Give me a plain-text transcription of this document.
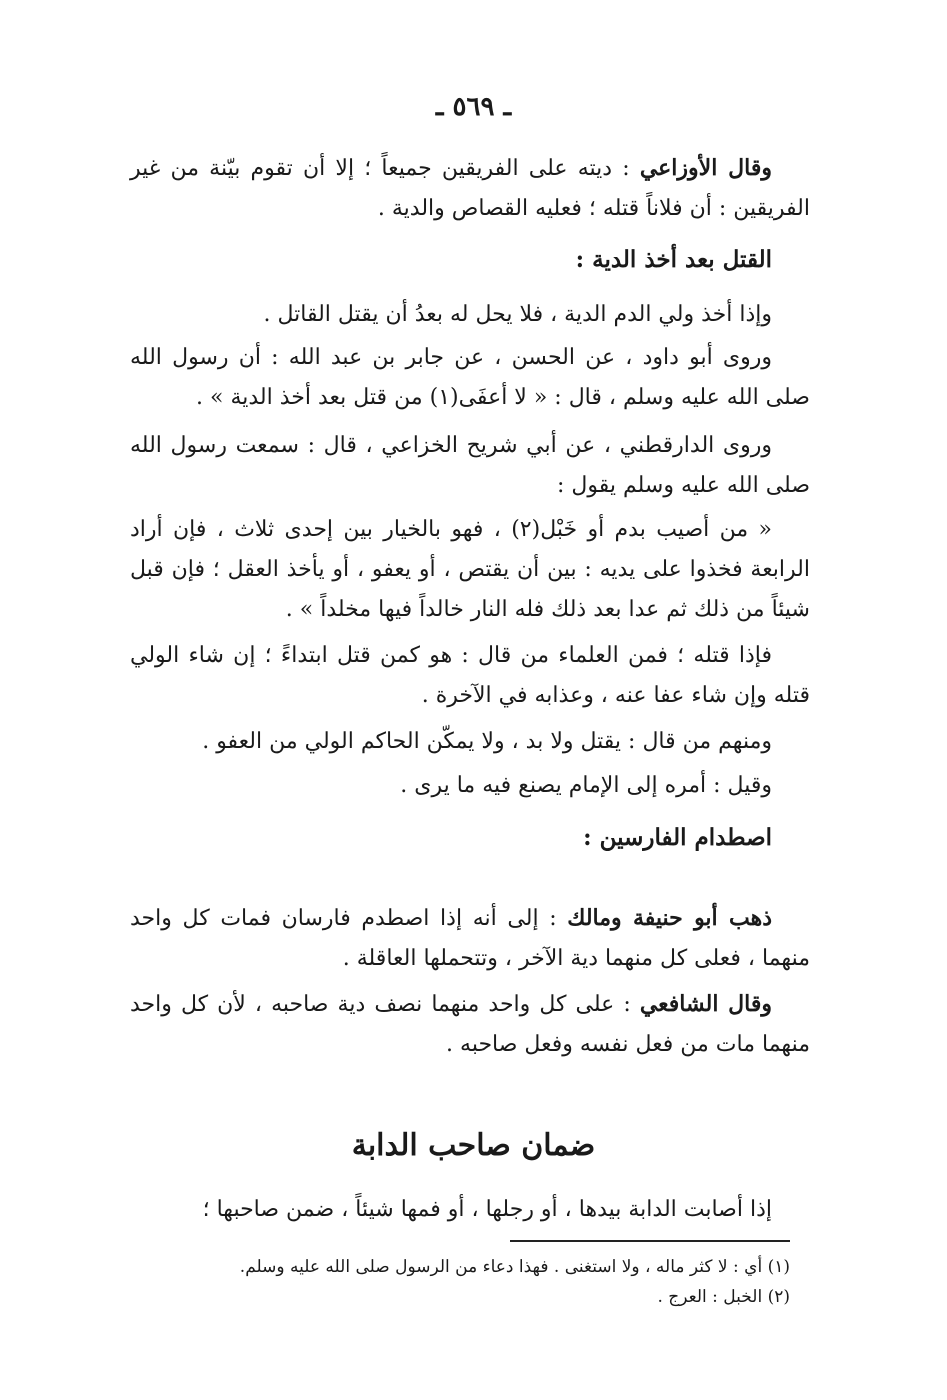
ـ ٥٦٩ ـ

وقال الأوزاعي : ديته على الفريقين جميعاً ؛ إلا أن تقوم بيّنة من غير الفريقين : أن فلاناً قتله ؛ فعليه القصاص والدية .

القتل بعد أخذ الدية :

وإذا أخذ ولي الدم الدية ، فلا يحل له بعدُ أن يقتل القاتل .

وروى أبو داود ، عن الحسن ، عن جابر بن عبد الله : أن رسول الله صلى الله عليه وسلم ، قال : « لا أعفَى(١) من قتل بعد أخذ الدية » .

وروى الدارقطني ، عن أبي شريح الخزاعي ، قال : سمعت رسول الله صلى الله عليه وسلم يقول :

« من أصيب بدم أو خَبْل(٢) ، فهو بالخيار بين إحدى ثلاث ، فإن أراد الرابعة فخذوا على يديه : بين أن يقتص ، أو يعفو ، أو يأخذ العقل ؛ فإن قبل شيئاً من ذلك ثم عدا بعد ذلك فله النار خالداً فيها مخلداً » .

فإذا قتله ؛ فمن العلماء من قال : هو كمن قتل ابتداءً ؛ إن شاء الولي قتله وإن شاء عفا عنه ، وعذابه في الآخرة .

ومنهم من قال : يقتل ولا بد ، ولا يمكّن الحاكم الولي من العفو .

وقيل : أمره إلى الإمام يصنع فيه ما يرى .

اصطدام الفارسين :

ذهب أبو حنيفة ومالك : إلى أنه إذا اصطدم فارسان فمات كل واحد منهما ، فعلى كل منهما دية الآخر ، وتتحملها العاقلة .

وقال الشافعي : على كل واحد منهما نصف دية صاحبه ، لأن كل واحد منهما مات من فعل نفسه وفعل صاحبه .

إذا أصابت الدابة بيدها ، أو رجلها ، أو فمها شيئاً ، ضمن صاحبها ؛

ضمان صاحب الدابة

(١) أي : لا كثر ماله ، ولا استغنى . فهذا دعاء من الرسول صلى الله عليه وسلم.

(٢) الخبل : العرج .
